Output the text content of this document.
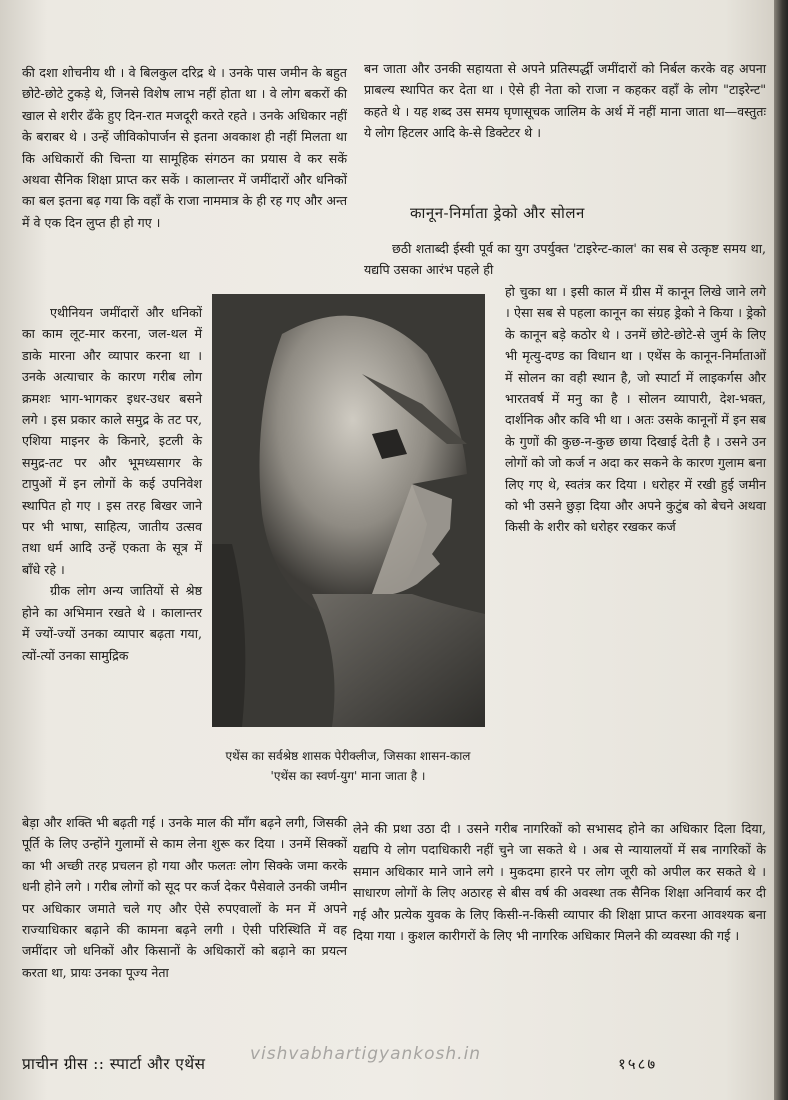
की दशा शोचनीय थी । वे बिलकुल दरिद्र थे । उनके पास जमीन के बहुत छोटे-छोटे टुकड़े थे, जिनसे विशेष लाभ नहीं होता था । वे लोग बकरों की खाल से शरीर ढँके हुए दिन-रात मजदूरी करते रहते । उनके अधिकार नहीं के बराबर थे । उन्हें जीविकोपार्जन से इतना अवकाश ही नहीं मिलता था कि अधिकारों की चिन्ता या सामूहिक संगठन का प्रयास वे कर सकें अथवा सैनिक शिक्षा प्राप्त कर सकें । कालान्तर में जमींदारों और धनिकों का बल इतना बढ़ गया कि वहाँ के राजा नाममात्र के ही रह गए और अन्त में वे एक दिन लुप्त ही हो गए ।

एथीनियन जमींदारों और धनिकों का काम लूट-मार करना, जल-थल में डाके मारना और व्यापार करना था । उनके अत्याचार के कारण गरीब लोग क्रमशः भाग-भागकर इधर-उधर बसने लगे । इस प्रकार काले समुद्र के तट पर, एशिया माइनर के किनारे, इटली के समुद्र-तट पर और भूमध्यसागर के टापुओं में इन लोगों के कई उपनिवेश स्थापित हो गए । इस तरह बिखर जाने पर भी भाषा, साहित्य, जातीय उत्सव तथा धर्म आदि उन्हें एकता के सूत्र में बाँधे रहे ।

ग्रीक लोग अन्य जातियों से श्रेष्ठ होने का अभिमान रखते थे । कालान्तर में ज्यों-ज्यों उनका व्यापार बढ़ता गया, त्यों-त्यों उनका सामुद्रिक

बन जाता और उनकी सहायता से अपने प्रतिस्पर्द्धी जमींदारों को निर्बल करके वह अपना प्राबल्य स्थापित कर देता था । ऐसे ही नेता को राजा न कहकर वहाँ के लोग "टाइरेन्ट" कहते थे । यह शब्द उस समय घृणासूचक जालिम के अर्थ में नहीं माना जाता था—वस्तुतः ये लोग हिटलर आदि के-से डिक्टेटर थे ।

कानून-निर्माता ड्रेको और सोलन

छठी शताब्दी ईस्वी पूर्व का युग उपर्युक्त 'टाइरेन्ट-काल' का सब से उत्कृष्ट समय था, यद्यपि उसका आरंभ पहले ही

हो चुका था । इसी काल में ग्रीस में कानून लिखे जाने लगे । ऐसा सब से पहला कानून का संग्रह ड्रेको ने किया । ड्रेको के कानून बड़े कठोर थे । उनमें छोटे-छोटे-से जुर्म के लिए भी मृत्यु-दण्ड का विधान था । एथेंस के कानून-निर्माताओं में सोलन का वही स्थान है, जो स्पार्टा में लाइकर्गस और भारतवर्ष में मनु का है । सोलन व्यापारी, देश-भक्त, दार्शनिक और कवि भी था । अतः उसके कानूनों में इन सब के गुणों की कुछ-न-कुछ छाया दिखाई देती है । उसने उन लोगों को जो कर्ज न अदा कर सकने के कारण गुलाम बना लिए गए थे, स्वतंत्र कर दिया । धरोहर में रखी हुई जमीन को भी उसने छुड़ा दिया और अपने कुटुंब को बेचने अथवा किसी के शरीर को धरोहर रखकर कर्ज

एथेंस का सर्वश्रेष्ठ शासक पेरीक्लीज, जिसका शासन-काल 'एथेंस का स्वर्ण-युग' माना जाता है ।

बेड़ा और शक्ति भी बढ़ती गई । उनके माल की माँग बढ़ने लगी, जिसकी पूर्ति के लिए उन्होंने गुलामों से काम लेना शुरू कर दिया । उनमें सिक्कों का भी अच्छी तरह प्रचलन हो गया और फलतः लोग सिक्के जमा करके धनी होने लगे । गरीब लोगों को सूद पर कर्ज देकर पैसेवाले उनकी जमीन पर अधिकार जमाते चले गए और ऐसे रुपएवालों के मन में अपने राज्याधिकार बढ़ाने की कामना बढ़ने लगी । ऐसी परिस्थिति में वह जमींदार जो धनिकों और किसानों के अधिकारों को बढ़ाने का प्रयत्न करता था, प्रायः उनका पूज्य नेता

लेने की प्रथा उठा दी । उसने गरीब नागरिकों को सभासद होने का अधिकार दिला दिया, यद्यपि ये लोग पदाधिकारी नहीं चुने जा सकते थे । अब से न्यायालयों में सब नागरिकों के समान अधिकार माने जाने लगे । मुकदमा हारने पर लोग जूरी को अपील कर सकते थे । साधारण लोगों के लिए अठारह से बीस वर्ष की अवस्था तक सैनिक शिक्षा अनिवार्य कर दी गई और प्रत्येक युवक के लिए किसी-न-किसी व्यापार की शिक्षा प्राप्त करना आवश्यक बना दिया गया । कुशल कारीगरों के लिए भी नागरिक अधिकार मिलने की व्यवस्था की गई ।

प्राचीन ग्रीस :: स्पार्टा और एथेंस	vishvabhartigyankosh.in	१५८७
